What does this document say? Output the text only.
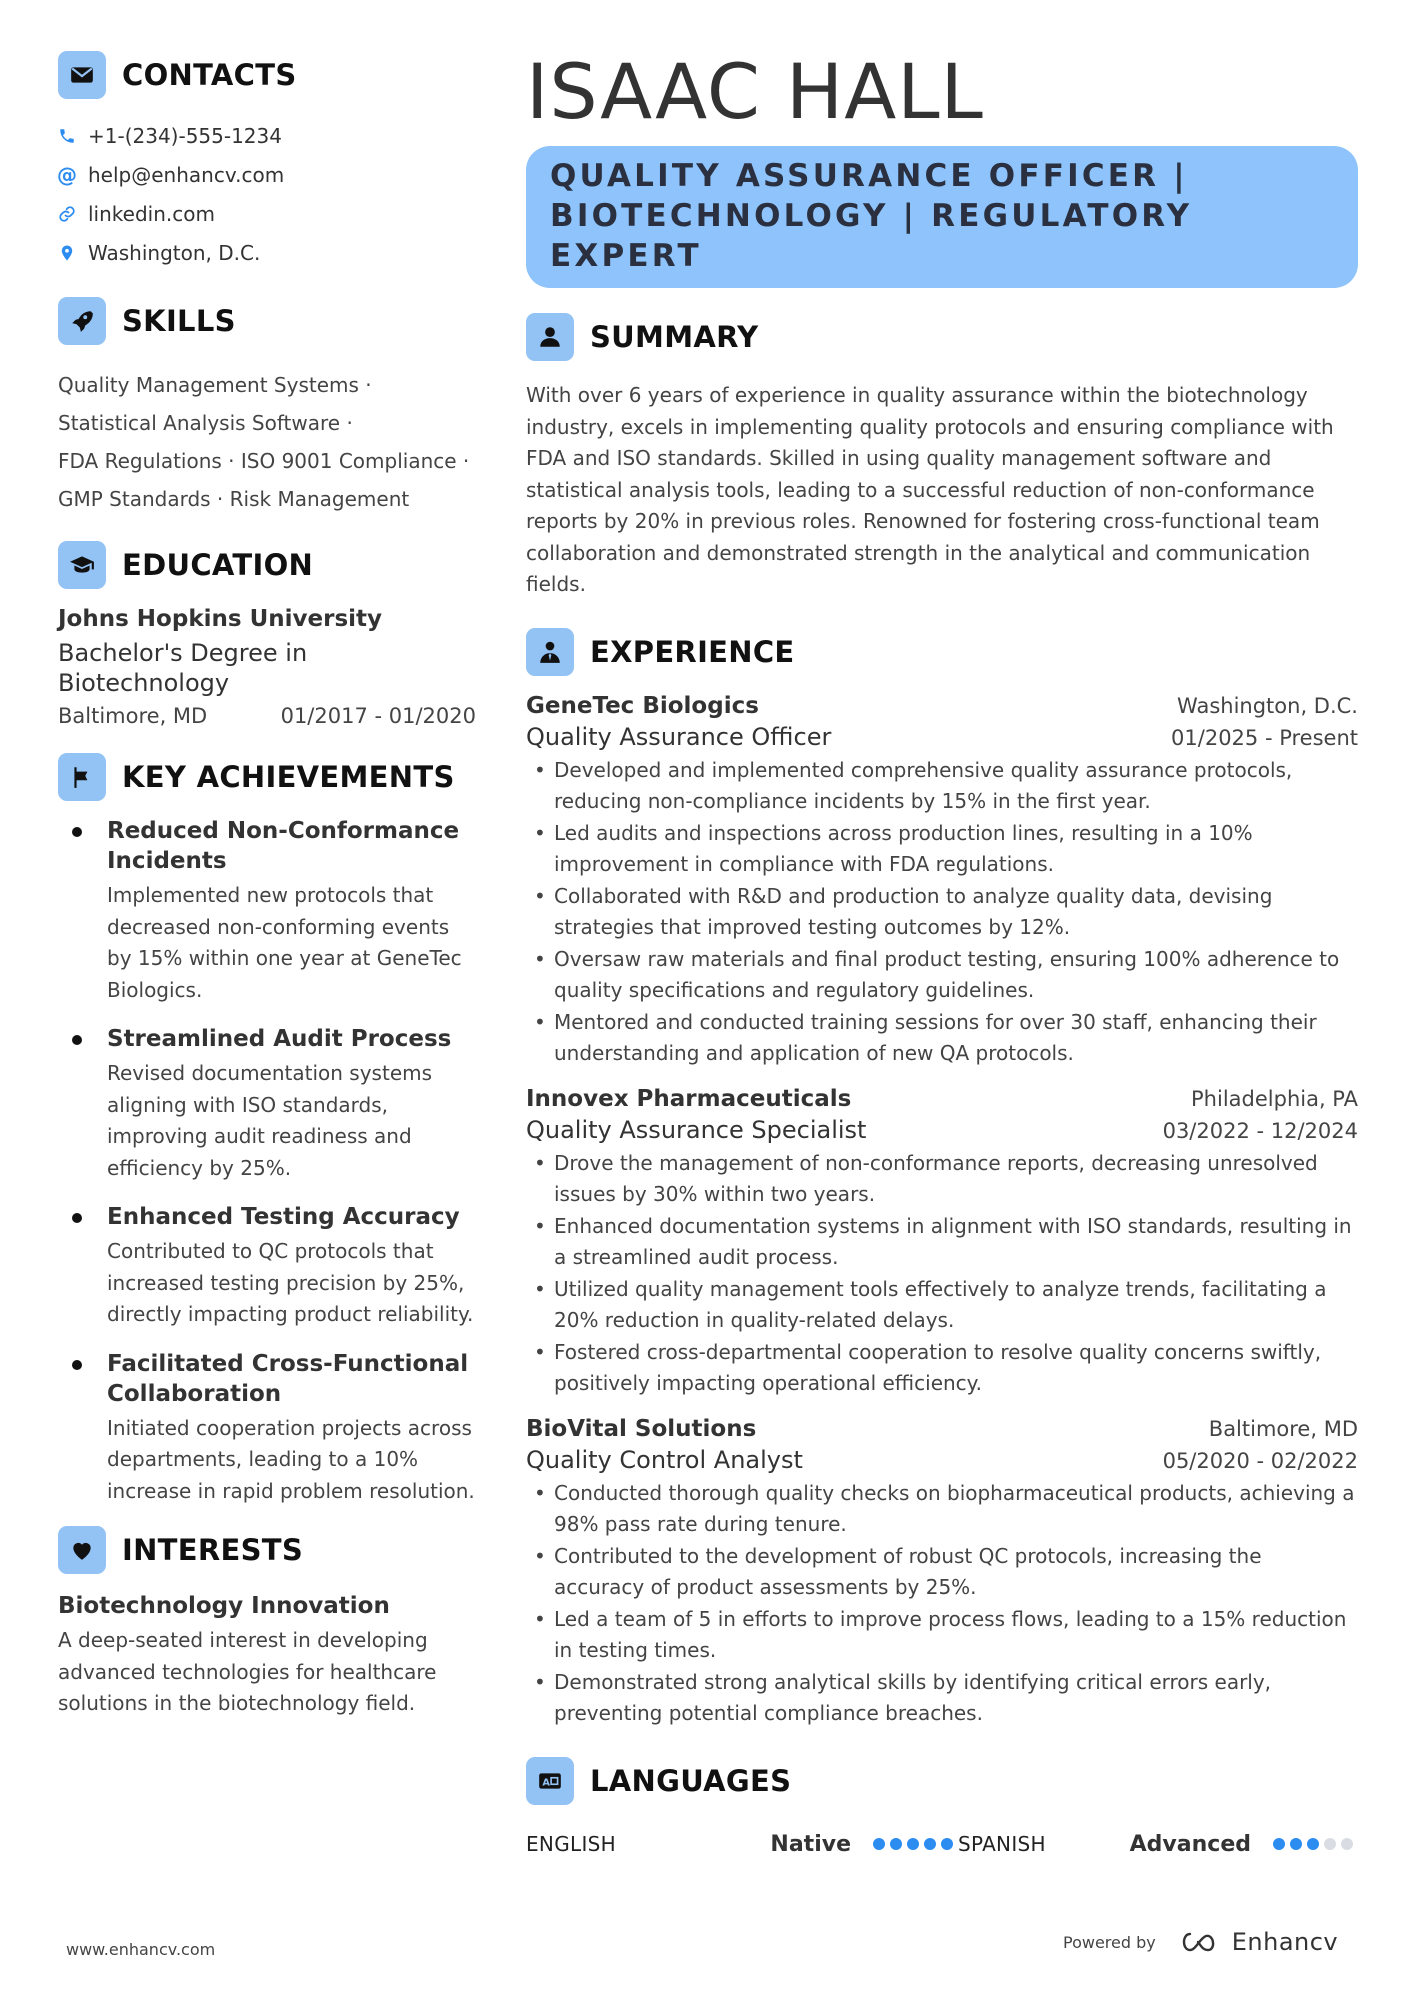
CONTACTS
+1-(234)-555-1234
@ help@enhancv.com
linkedin.com
Washington, D.C.
SKILLS
Quality Management Systems ·
Statistical Analysis Software ·
FDA Regulations · ISO 9001 Compliance ·
GMP Standards · Risk Management
EDUCATION
Johns Hopkins University
Bachelor's Degree in Biotechnology
Baltimore, MD	01/2017 - 01/2020
KEY ACHIEVEMENTS
Reduced Non-Conformance Incidents
Implemented new protocols that decreased non-conforming events by 15% within one year at GeneTec Biologics.
Streamlined Audit Process
Revised documentation systems aligning with ISO standards, improving audit readiness and efficiency by 25%.
Enhanced Testing Accuracy
Contributed to QC protocols that increased testing precision by 25%, directly impacting product reliability.
Facilitated Cross-Functional Collaboration
Initiated cooperation projects across departments, leading to a 10% increase in rapid problem resolution.
INTERESTS
Biotechnology Innovation
A deep-seated interest in developing advanced technologies for healthcare solutions in the biotechnology field.
ISAAC HALL
QUALITY ASSURANCE OFFICER |
BIOTECHNOLOGY | REGULATORY EXPERT
SUMMARY
With over 6 years of experience in quality assurance within the biotechnology industry, excels in implementing quality protocols and ensuring compliance with FDA and ISO standards. Skilled in using quality management software and statistical analysis tools, leading to a successful reduction of non-conformance reports by 20% in previous roles. Renowned for fostering cross-functional team collaboration and demonstrated strength in the analytical and communication fields.
EXPERIENCE
GeneTec Biologics	Washington, D.C.
Quality Assurance Officer	01/2025 - Present
• Developed and implemented comprehensive quality assurance protocols, reducing non-compliance incidents by 15% in the first year.
• Led audits and inspections across production lines, resulting in a 10% improvement in compliance with FDA regulations.
• Collaborated with R&D and production to analyze quality data, devising strategies that improved testing outcomes by 12%.
• Oversaw raw materials and final product testing, ensuring 100% adherence to quality specifications and regulatory guidelines.
• Mentored and conducted training sessions for over 30 staff, enhancing their understanding and application of new QA protocols.
Innovex Pharmaceuticals	Philadelphia, PA
Quality Assurance Specialist	03/2022 - 12/2024
• Drove the management of non-conformance reports, decreasing unresolved issues by 30% within two years.
• Enhanced documentation systems in alignment with ISO standards, resulting in a streamlined audit process.
• Utilized quality management tools effectively to analyze trends, facilitating a 20% reduction in quality-related delays.
• Fostered cross-departmental cooperation to resolve quality concerns swiftly, positively impacting operational efficiency.
BioVital Solutions	Baltimore, MD
Quality Control Analyst	05/2020 - 02/2022
• Conducted thorough quality checks on biopharmaceutical products, achieving a 98% pass rate during tenure.
• Contributed to the development of robust QC protocols, increasing the accuracy of product assessments by 25%.
• Led a team of 5 in efforts to improve process flows, leading to a 15% reduction in testing times.
• Demonstrated strong analytical skills by identifying critical errors early, preventing potential compliance breaches.
A LANGUAGES
ENGLISH	Native	SPANISH	Advanced
www.enhancv.com	Powered by	Enhancv
